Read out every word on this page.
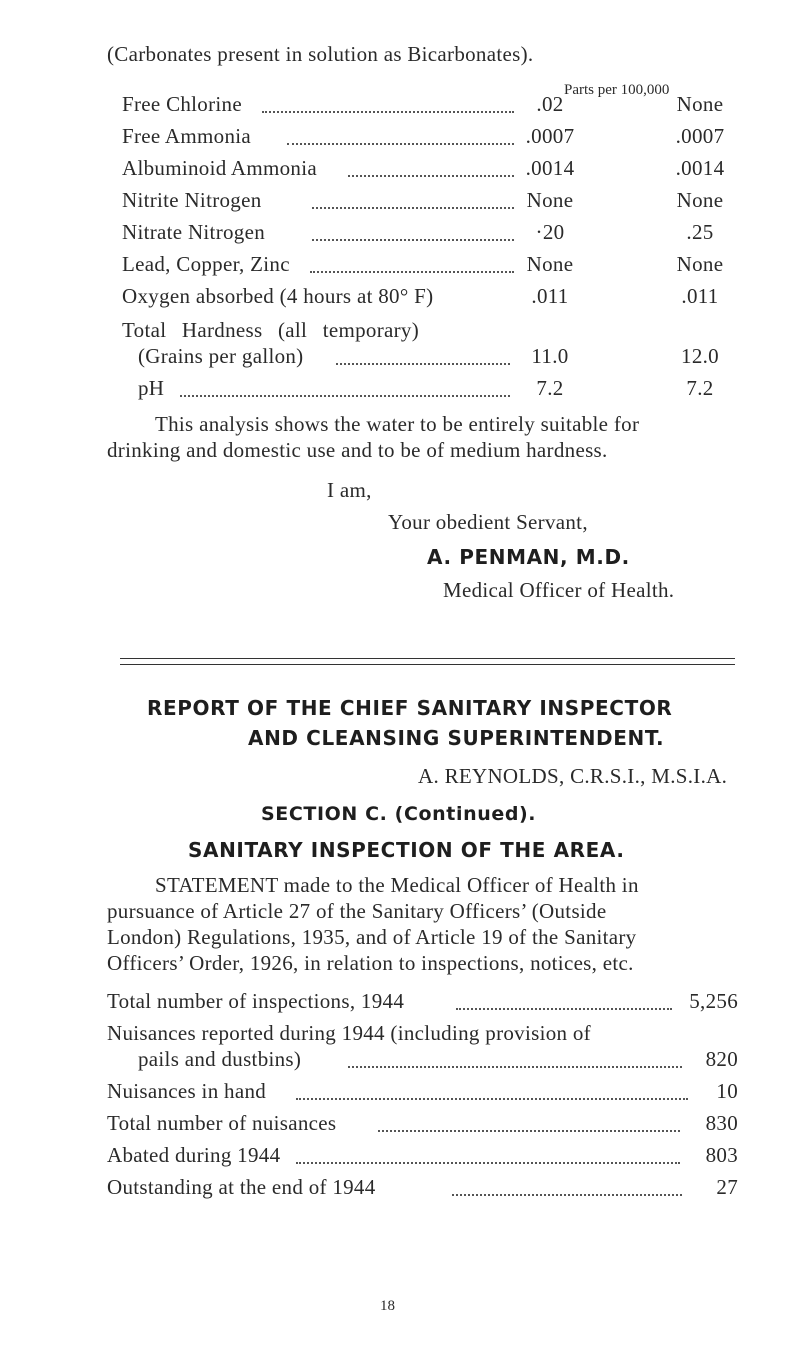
(Carbonates present in solution as Bicarbonates).
Parts per 100,000
Free Chlorine	.02	None
Free Ammonia	.0007	.0007
Albuminoid Ammonia	.0014	.0014
Nitrite Nitrogen	None	None
Nitrate Nitrogen	·20	.25
Lead, Copper, Zinc	None	None
Oxygen absorbed (4 hours at 80° F)	.011	.011
Total Hardness (all temporary)
(Grains per gallon)	11.0	12.0
pH	7.2	7.2
This analysis shows the water to be entirely suitable for
drinking and domestic use and to be of medium hardness.
I am,
Your obedient Servant,
A. PENMAN, M.D.
Medical Officer of Health.
REPORT OF THE CHIEF SANITARY INSPECTOR
AND CLEANSING SUPERINTENDENT.
A. REYNOLDS, C.R.S.I., M.S.I.A.
SECTION C. (Continued).
SANITARY INSPECTION OF THE AREA.
STATEMENT made to the Medical Officer of Health in
pursuance of Article 27 of the Sanitary Officers’ (Outside
London) Regulations, 1935, and of Article 19 of the Sanitary
Officers’ Order, 1926, in relation to inspections, notices, etc.
Total number of inspections, 1944	5,256
Nuisances reported during 1944 (including provision of
pails and dustbins)	820
Nuisances in hand	10
Total number of nuisances	830
Abated during 1944	803
Outstanding at the end of 1944	27
18
